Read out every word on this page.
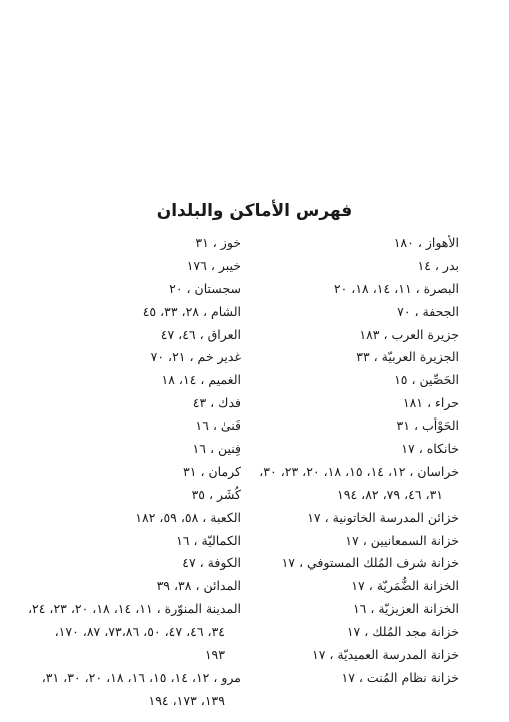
فهرس الأماكن والبلدان
الأهواز ، ١٨٠
بدر ، ١٤
البصرة ، ١١، ١٤، ١٨، ٢٠
الجحفة ، ٧٠
جزيرة العرب ، ١٨٣
الجزيرة العربيّة ، ٣٣
الحَصِّين ، ١٥
حراء ، ١٨١
الحَوْأب ، ٣١
خانكاه ، ١٧
خراسان ، ١٢، ١٤، ١٥، ١٨، ٢٠، ٢٣، ٣٠،
٣١، ٤٦، ٧٩، ٨٢، ١٩٤
خزائن المدرسة الخاتونية ، ١٧
خزانة السمعانيين ، ١٧
خزانة شرف المُلك المستوفي ، ١٧
الخزانة الضُّمَريّة ، ١٧
الخزانة العزيزيّة ، ١٦
خزانة مجد المُلك ، ١٧
خزانة المدرسة العميديّة ، ١٧
خزانة نظام المُنت ، ١٧
خوز ، ٣١
خيبر ، ١٧٦
سجستان ، ٢٠
الشام ، ٢٨، ٣٣، ٤٥
العراق ، ٤٦، ٤٧
غدير خم ، ٢١، ٧٠
الغميم ، ١٤، ١٨
فدك ، ٤٣
فَنىٰ ، ١٦
فِنين ، ١٦
كرمان ، ٣١
كُشَر ، ٣٥
الكعبة ، ٥٨، ٥٩، ١٨٢
الكماليّة ، ١٦
الكوفة ، ٤٧
المدائن ، ٣٨، ٣٩
المدينة المنوّرة ، ١١، ١٤، ١٨، ٢٠، ٢٣، ٢٤،
٣٤، ٤٦، ٤٧، ٥٠، ٧٣،٨٦، ٨٧، ١٧٠،
١٩٣
مرو ، ١٢، ١٤، ١٥، ١٦، ١٨، ٢٠، ٣٠، ٣١،
١٣٩، ١٧٣، ١٩٤
